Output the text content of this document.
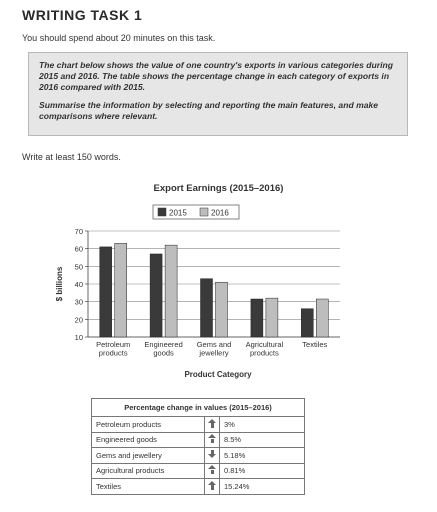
WRITING TASK 1
You should spend about 20 minutes on this task.

The chart below shows the value of one country's exports in various categories during 2015 and 2016. The table shows the percentage change in each category of exports in 2016 compared with 2015.

Summarise the information by selecting and reporting the main features, and make comparisons where relevant.

Write at least 150 words.
Export Earnings (2015–2016)
2015	2016
10
20
30
40
50
60
70
$ billions
Petroleum
products
Engineered
goods
Gems and
jewellery
Agricultural
products
Textiles
Product Category
Percentage change in values (2015–2016)		
Petroleum products		3%
Engineered goods		8.5%
Gems and jewellery		5.18%
Agricultural products		0.81%
Textiles		15.24%
